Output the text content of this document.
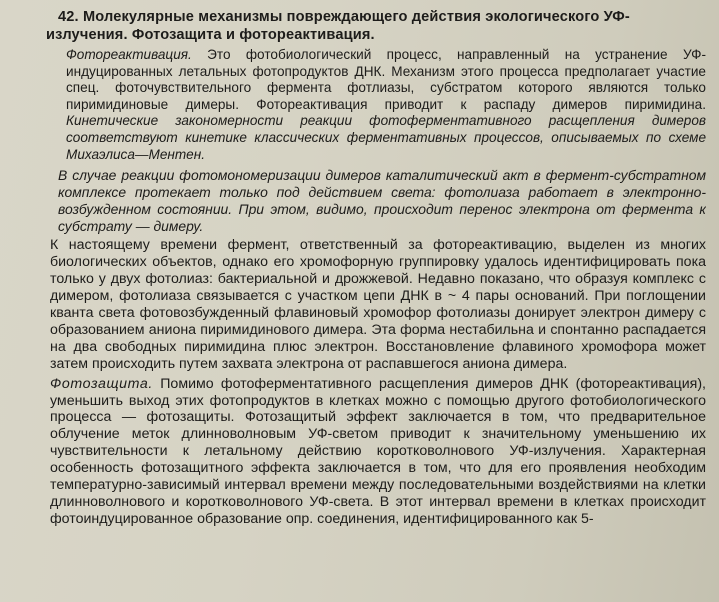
42. Молекулярные механизмы повреждающего действия экологического УФ-
излучения. Фотозащита и фотореактивация.

Фотореактивация. Это фотобиологический процесс, направленный на устранение УФ-индуцированных летальных фотопродуктов ДНК. Механизм этого процесса предполагает участие спец. фоточувствительного фермента фотлиазы, субстратом которого являются только пиримидиновые димеры. Фотореактивация приводит к распаду димеров пиримидина. Кинетические закономерности реакции фотоферментативного расщепления димеров соответствуют кинетике классических ферментативных процессов, описываемых по схеме Михаэлиса—Ментен.

В случае реакции фотомономеризации димеров каталитический акт в фермент-субстратном комплексе протекает только под действием света: фотолиаза работает в электронно-возбужденном состоянии. При этом, видимо, происходит перенос электрона от фермента к субстрату — димеру.

К настоящему времени фермент, ответственный за фотореактивацию, выделен из многих биологических объектов, однако его хромофорную группировку удалось идентифицировать пока только у двух фотолиаз: бактериальной и дрожжевой. Недавно показано, что образуя комплекс с димером, фотолиаза связывается с участком цепи ДНК в ~ 4 пары оснований. При поглощении кванта света фотовозбужденный флавиновый хромофор фотолиазы донирует электрон димеру с образованием аниона пиримидинового димера. Эта форма нестабильна и спонтанно распадается на два свободных пиримидина плюс электрон. Восстановление флавиного хромофора может затем происходить путем захвата электрона от распавшегося аниона димера.

Фотозащита. Помимо фотоферментативного расщепления димеров ДНК (фотореактивация), уменьшить выход этих фотопродуктов в клетках можно с помощью другого фотобиологического процесса — фотозащиты. Фотозащитый эффект заключается в том, что предварительное облучение меток длинноволновым УФ-светом приводит к значительному уменьшению их чувствительности к летальному действию коротковолнового УФ-излучения. Характерная особенность фотозащитного эффекта заключается в том, что для его проявления необходим температурно-зависимый интервал времени между последовательными воздействиями на клетки длинноволнового и коротковолнового УФ-света. В этот интервал времени в клетках происходит фотоиндуцированное образование опр. соединения, идентифицированного как 5-
